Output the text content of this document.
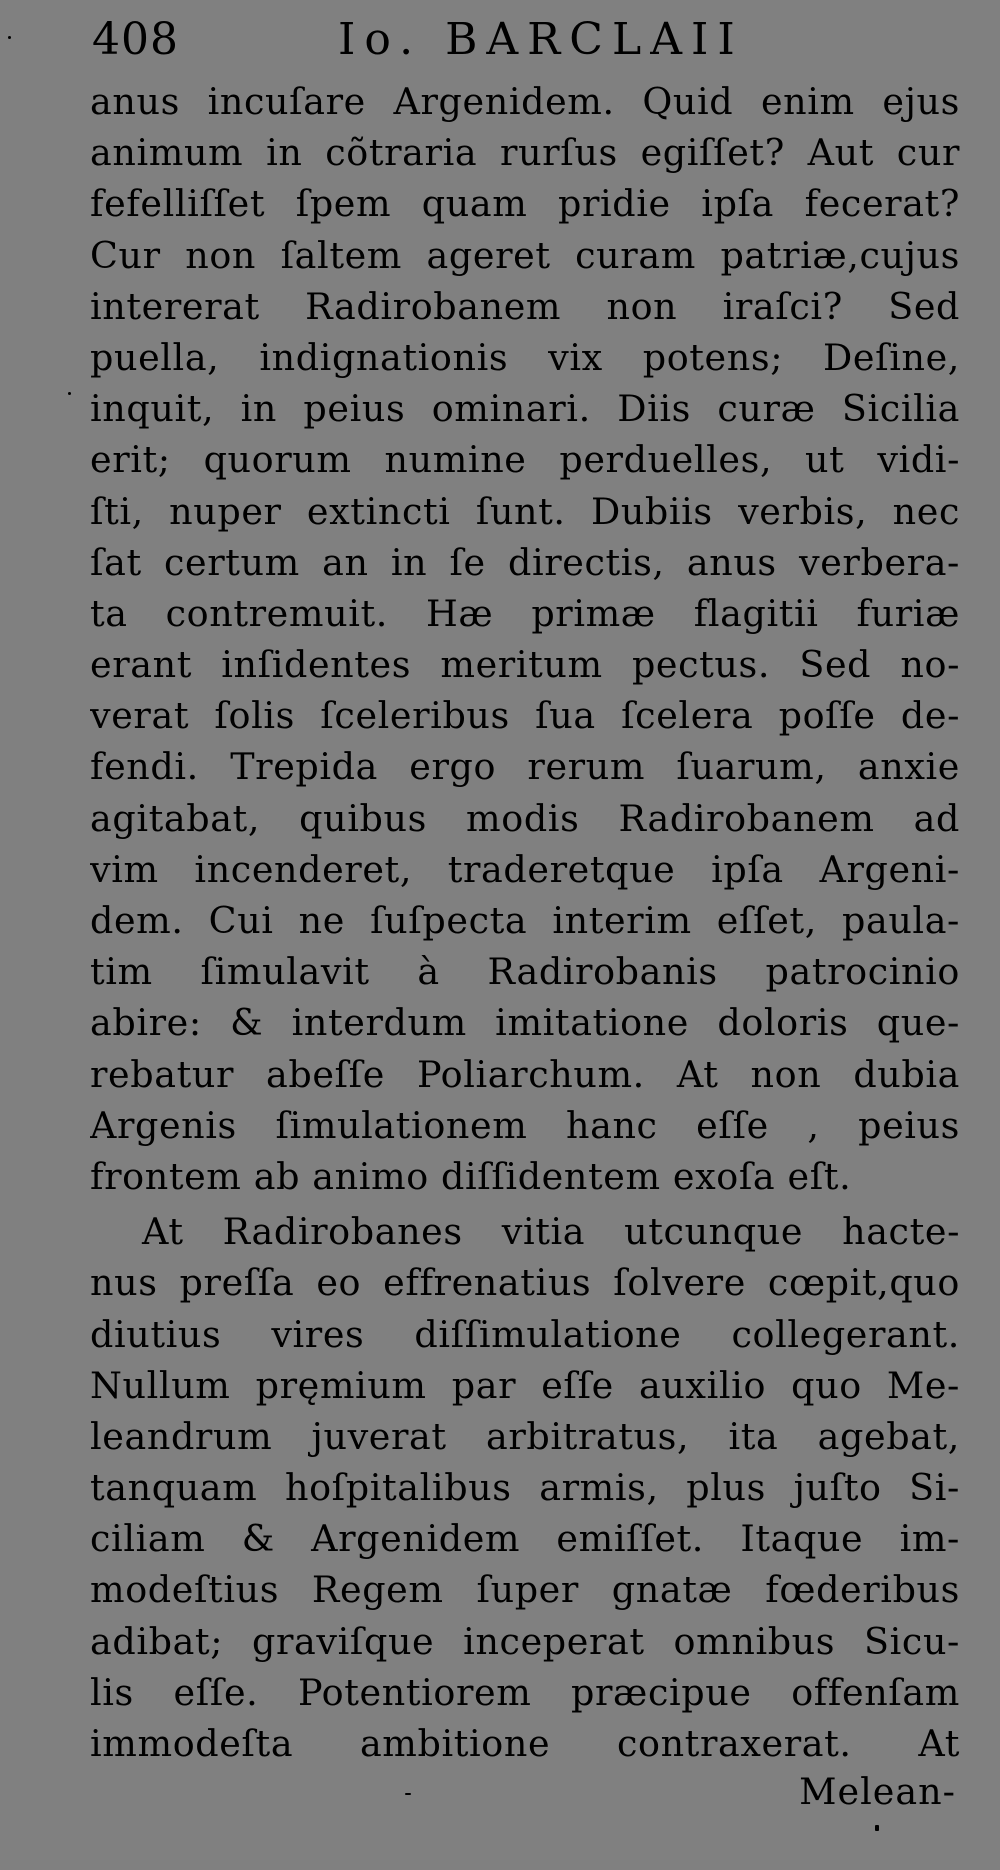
408	Io. BARCLAII
anus incuſare Argenidem. Quid enim ejus
animum in cõtraria rurſus egiſſet? Aut cur
fefelliſſet ſpem quam pridie ipſa fecerat?
Cur non ſaltem ageret curam patriæ,cujus
intererat Radirobanem non iraſci? Sed
puella, indignationis vix potens; Deſine,
inquit, in peius ominari. Diis curæ Sicilia
erit; quorum numine perduelles, ut vidi-
ſti, nuper extincti ſunt. Dubiis verbis, nec
ſat certum an in ſe directis, anus verbera-
ta contremuit. Hæ primæ flagitii furiæ
erant inſidentes meritum pectus. Sed no-
verat ſolis ſceleribus ſua ſcelera poſſe de-
fendi. Trepida ergo rerum ſuarum, anxie
agitabat, quibus modis Radirobanem ad
vim incenderet, traderetque ipſa Argeni-
dem. Cui ne ſuſpecta interim eſſet, paula-
tim ſimulavit à Radirobanis patrocinio
abire: & interdum imitatione doloris que-
rebatur abeſſe Poliarchum. At non dubia
Argenis ſimulationem hanc eſſe , peius
frontem ab animo diſſidentem exoſa eſt.
At Radirobanes vitia utcunque hacte-
nus preſſa eo effrenatius ſolvere cœpit,quo
diutius vires diſſimulatione collegerant.
Nullum pręmium par eſſe auxilio quo Me-
leandrum juverat arbitratus, ita agebat,
tanquam hoſpitalibus armis, plus juſto Si-
ciliam & Argenidem emiſſet. Itaque im-
modeſtius Regem ſuper gnatæ fœderibus
adibat; graviſque inceperat omnibus Sicu-
lis eſſe. Potentiorem præcipue offenſam
immodeſta ambitione contraxerat. At
Melean-
